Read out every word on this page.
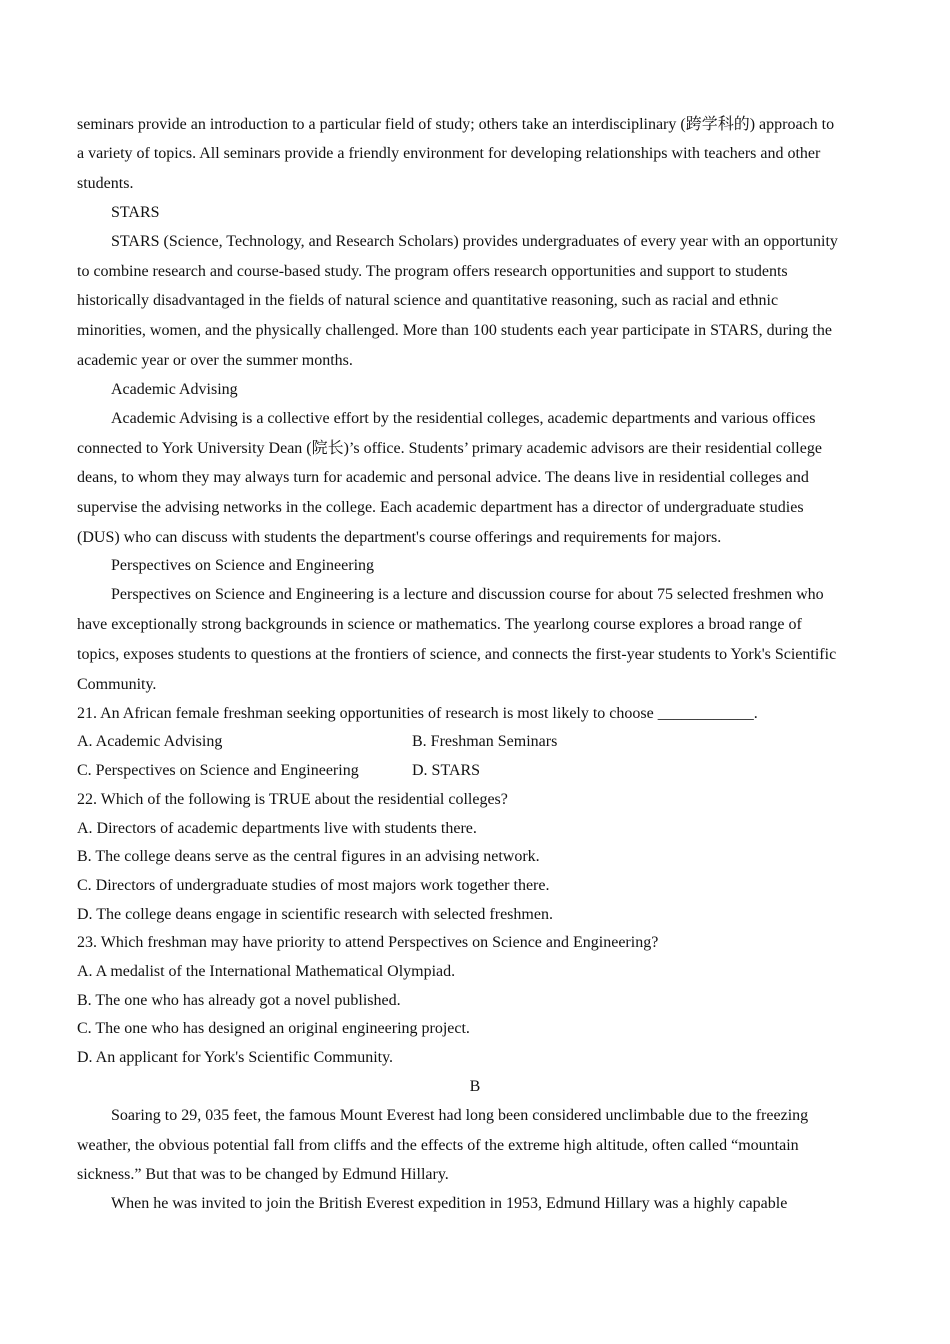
seminars provide an introduction to a particular field of study; others take an interdisciplinary (跨学科的) approach to
a variety of topics. All seminars provide a friendly environment for developing relationships with teachers and other
students.
STARS
STARS (Science, Technology, and Research Scholars) provides undergraduates of every year with an opportunity
to combine research and course-based study. The program offers research opportunities and support to students
historically disadvantaged in the fields of natural science and quantitative reasoning, such as racial and ethnic
minorities, women, and the physically challenged. More than 100 students each year participate in STARS, during the
academic year or over the summer months.
Academic Advising
Academic Advising is a collective effort by the residential colleges, academic departments and various offices
connected to York University Dean (院长)’s office. Students’ primary academic advisors are their residential college
deans, to whom they may always turn for academic and personal advice. The deans live in residential colleges and
supervise the advising networks in the college. Each academic department has a director of undergraduate studies
(DUS) who can discuss with students the department's course offerings and requirements for majors.
Perspectives on Science and Engineering
Perspectives on Science and Engineering is a lecture and discussion course for about 75 selected freshmen who
have exceptionally strong backgrounds in science or mathematics. The yearlong course explores a broad range of
topics, exposes students to questions at the frontiers of science, and connects the first-year students to York's Scientific
Community.
21. An African female freshman seeking opportunities of research is most likely to choose ____________.
A. Academic Advising	B. Freshman Seminars
C. Perspectives on Science and Engineering	D. STARS
22. Which of the following is TRUE about the residential colleges?
A. Directors of academic departments live with students there.
B. The college deans serve as the central figures in an advising network.
C. Directors of undergraduate studies of most majors work together there.
D. The college deans engage in scientific research with selected freshmen.
23. Which freshman may have priority to attend Perspectives on Science and Engineering?
A. A medalist of the International Mathematical Olympiad.
B. The one who has already got a novel published.
C. The one who has designed an original engineering project.
D. An applicant for York's Scientific Community.
B
Soaring to 29, 035 feet, the famous Mount Everest had long been considered unclimbable due to the freezing
weather, the obvious potential fall from cliffs and the effects of the extreme high altitude, often called “mountain
sickness.” But that was to be changed by Edmund Hillary.
When he was invited to join the British Everest expedition in 1953, Edmund Hillary was a highly capable
